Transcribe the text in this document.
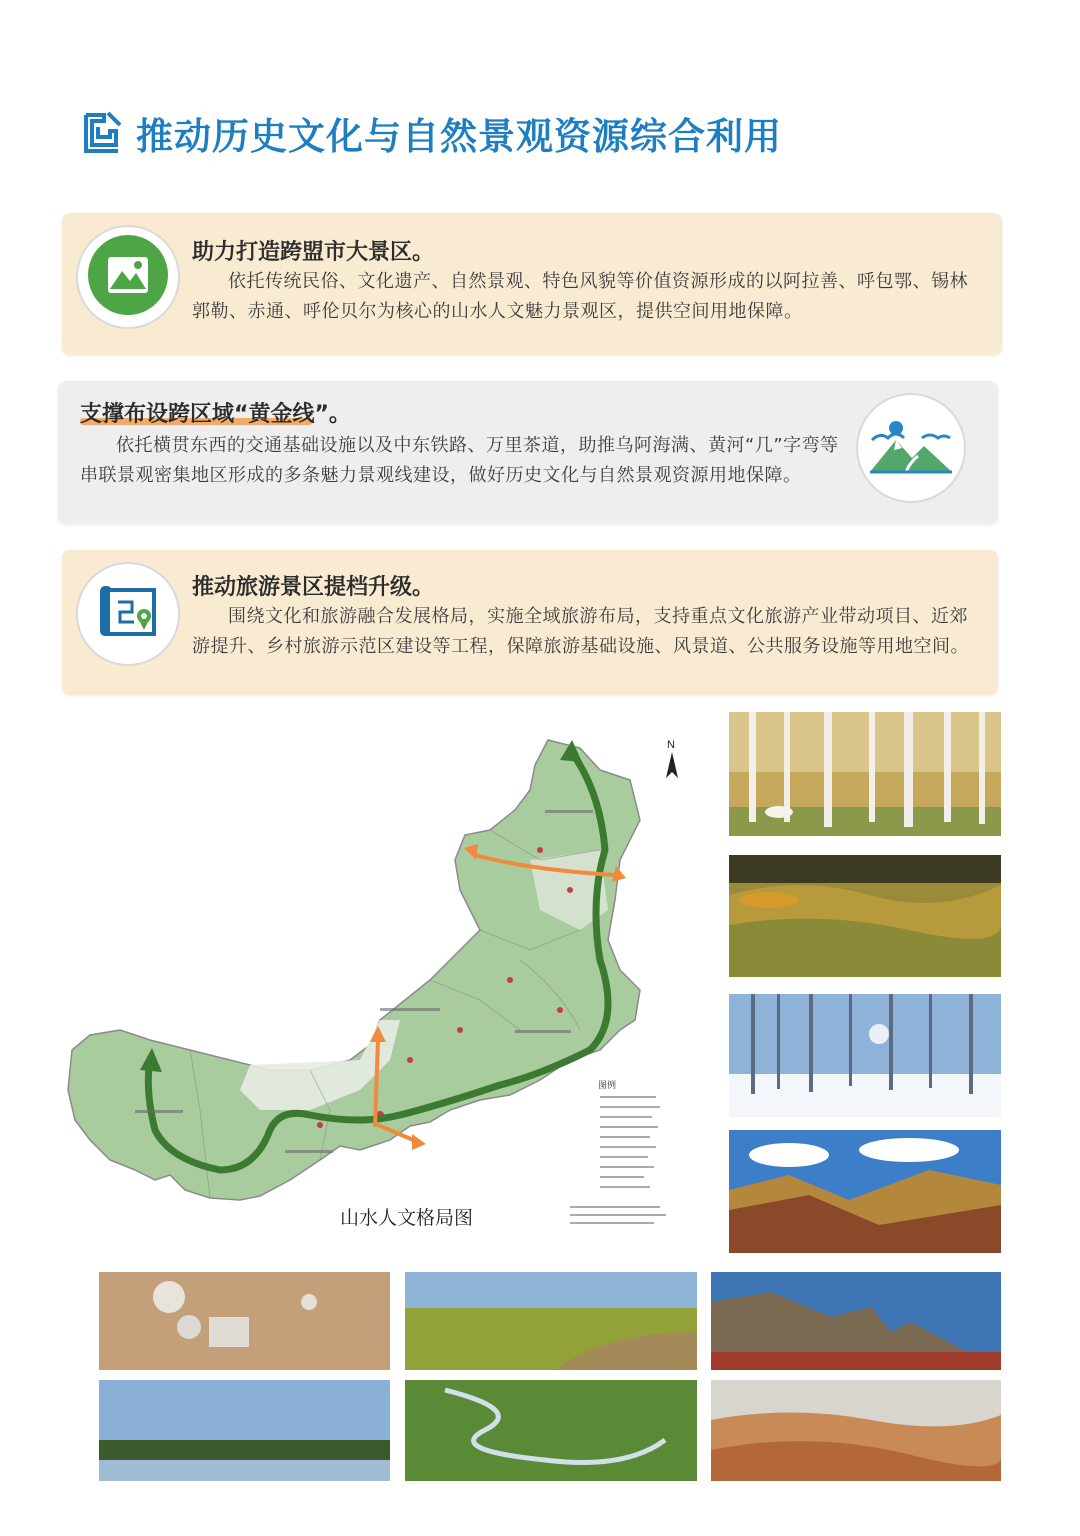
推动历史文化与自然景观资源综合利用
助力打造跨盟市大景区。
依托传统民俗、文化遗产、自然景观、特色风貌等价值资源形成的以阿拉善、呼包鄂、锡林郭勒、赤通、呼伦贝尔为核心的山水人文魅力景观区，提供空间用地保障。
支撑布设跨区域“黄金线”。
依托横贯东西的交通基础设施以及中东铁路、万里茶道，助推乌阿海满、黄河“几”字弯等串联景观密集地区形成的多条魅力景观线建设，做好历史文化与自然景观资源用地保障。
推动旅游景区提档升级。
围绕文化和旅游融合发展格局，实施全域旅游布局，支持重点文化旅游产业带动项目、近郊游提升、乡村旅游示范区建设等工程，保障旅游基础设施、风景道、公共服务设施等用地空间。
N
图例
山水人文格局图
